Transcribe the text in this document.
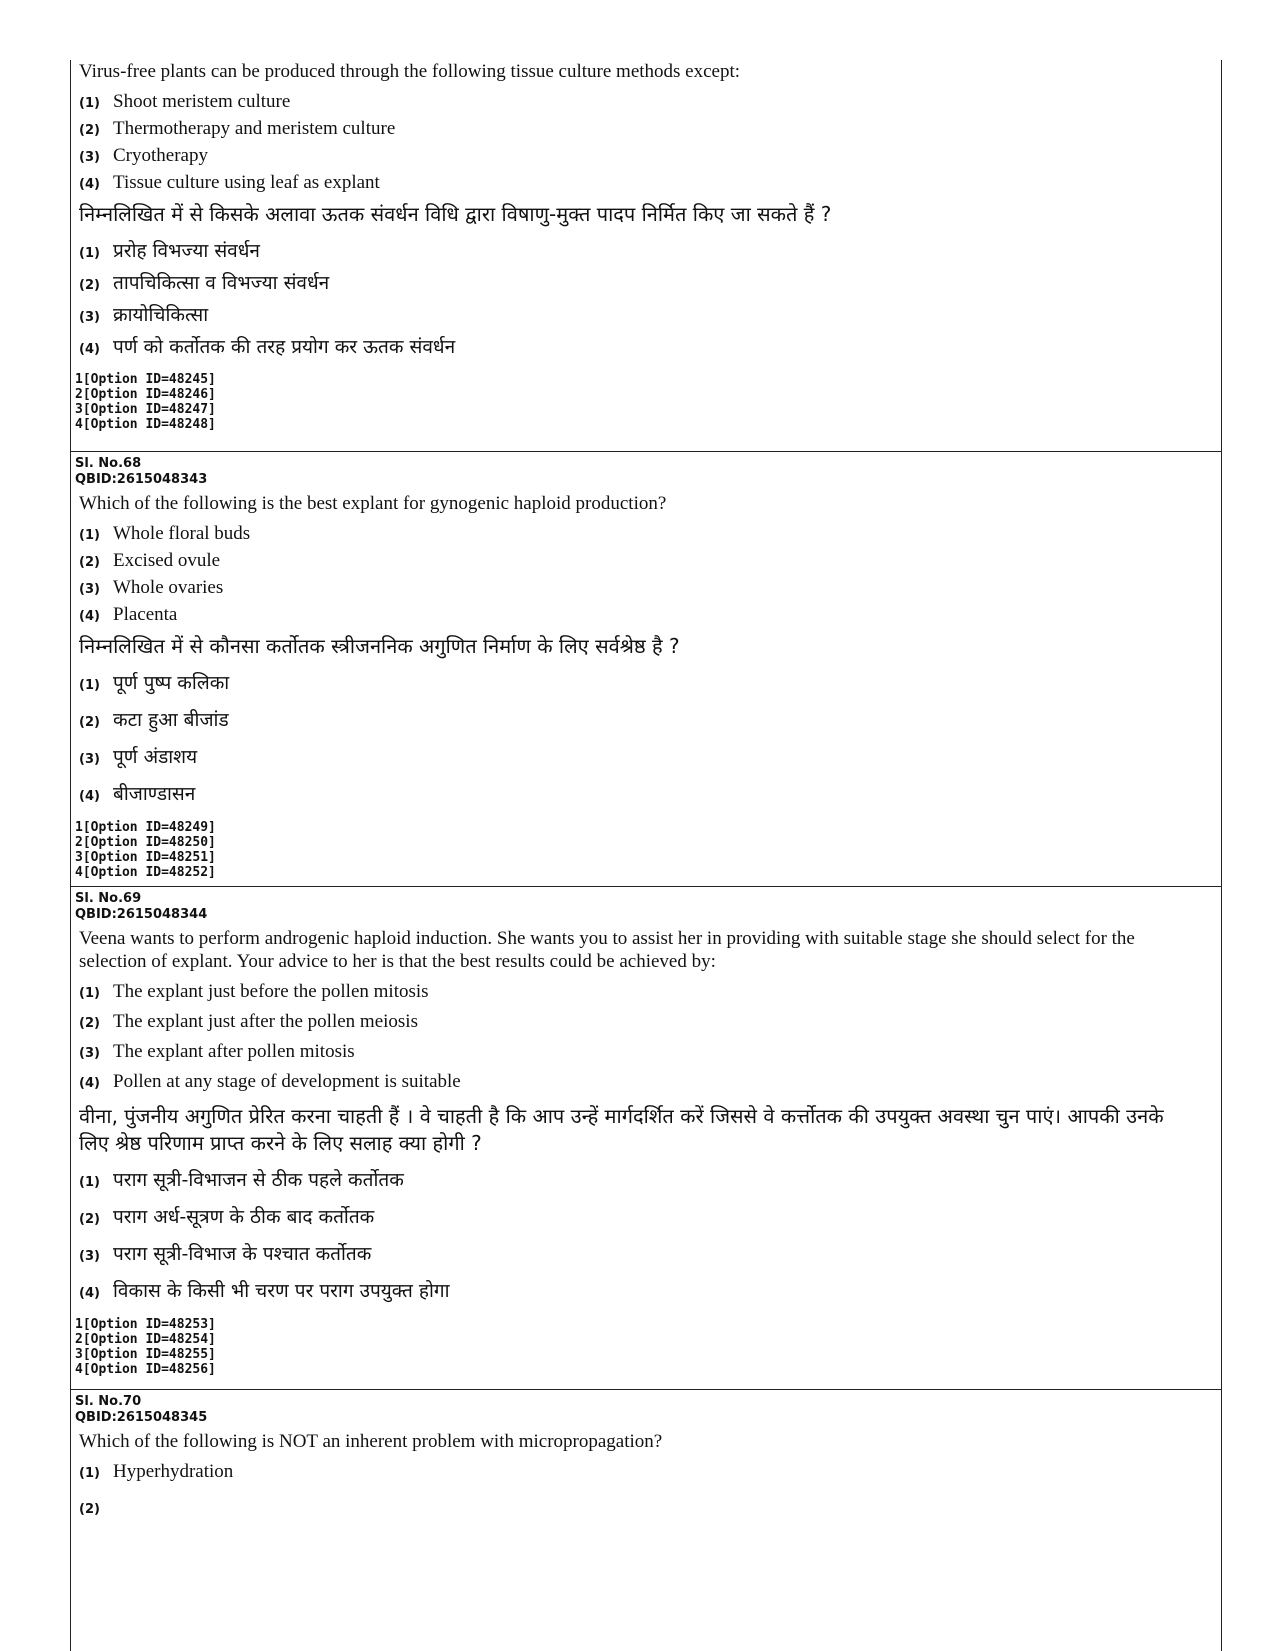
Virus-free plants can be produced through the following tissue culture methods except:
(1) Shoot meristem culture
(2) Thermotherapy and meristem culture
(3) Cryotherapy
(4) Tissue culture using leaf as explant
निम्नलिखित में से किसके अलावा ऊतक संवर्धन विधि द्वारा विषाणु-मुक्त पादप निर्मित किए जा सकते हैं ?
(1) प्ररोह विभज्या संवर्धन
(2) तापचिकित्सा व विभज्या संवर्धन
(3) क्रायोचिकित्सा
(4) पर्ण को कर्तोतक की तरह प्रयोग कर ऊतक संवर्धन
1[Option ID=48245]
2[Option ID=48246]
3[Option ID=48247]
4[Option ID=48248]
Sl. No.68
QBID:2615048343
Which of the following is the best explant for gynogenic haploid production?
(1) Whole floral buds
(2) Excised ovule
(3) Whole ovaries
(4) Placenta
निम्नलिखित में से कौनसा कर्तोतक स्त्रीजननिक अगुणित निर्माण के लिए सर्वश्रेष्ठ है ?
(1) पूर्ण पुष्प कलिका
(2) कटा हुआ बीजांड
(3) पूर्ण अंडाशय
(4) बीजाण्डासन
1[Option ID=48249]
2[Option ID=48250]
3[Option ID=48251]
4[Option ID=48252]
Sl. No.69
QBID:2615048344
Veena wants to perform androgenic haploid induction. She wants you to assist her in providing with suitable stage she should select for the selection of explant. Your advice to her is that the best results could be achieved by:
(1) The explant just before the pollen mitosis
(2) The explant just after the pollen meiosis
(3) The explant after pollen mitosis
(4) Pollen at any stage of development is suitable
वीना, पुंजनीय अगुणित प्रेरित करना चाहती हैं । वे चाहती है कि आप उन्हें मार्गदर्शित करें जिससे वे कर्त्तोतक की उपयुक्त अवस्था चुन पाएं। आपकी उनके लिए श्रेष्ठ परिणाम प्राप्त करने के लिए सलाह क्या होगी ?
(1) पराग सूत्री-विभाजन से ठीक पहले कर्तोतक
(2) पराग अर्ध-सूत्रण के ठीक बाद कर्तोतक
(3) पराग सूत्री-विभाज के पश्चात कर्तोतक
(4) विकास के किसी भी चरण पर पराग उपयुक्त होगा
1[Option ID=48253]
2[Option ID=48254]
3[Option ID=48255]
4[Option ID=48256]
Sl. No.70
QBID:2615048345
Which of the following is NOT an inherent problem with micropropagation?
(1) Hyperhydration
(2)
